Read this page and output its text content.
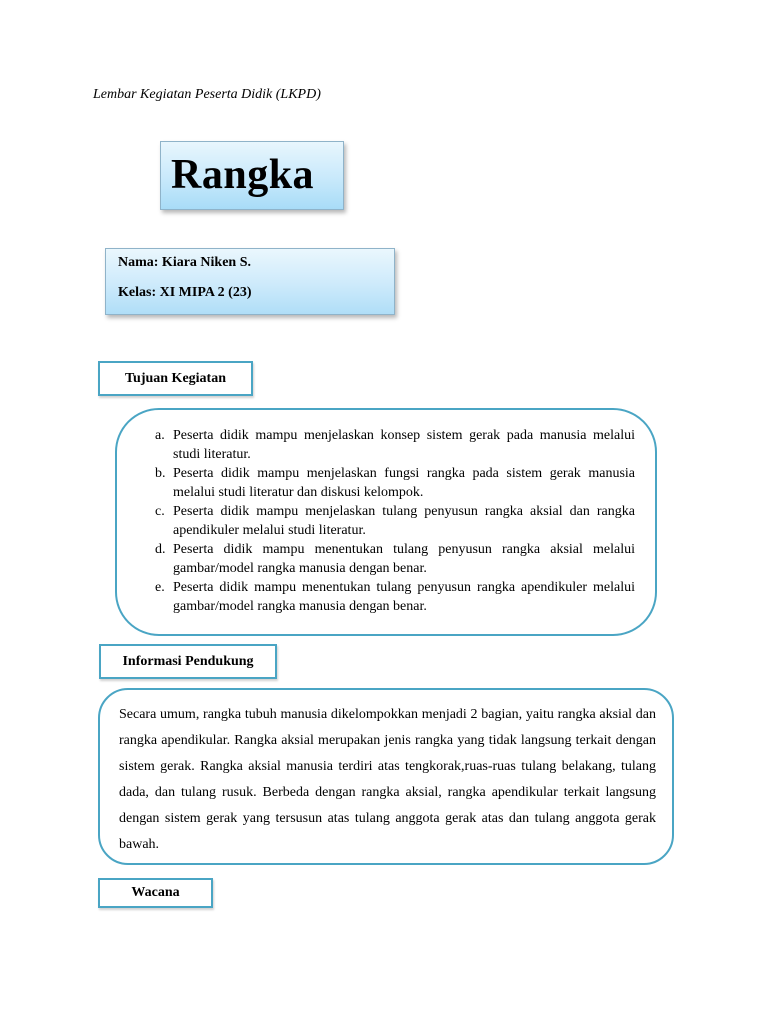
Lembar Kegiatan Peserta Didik (LKPD)
Rangka
Nama: Kiara Niken S.
Kelas: XI MIPA 2 (23)
Tujuan Kegiatan
a. Peserta didik mampu menjelaskan konsep sistem gerak pada manusia melalui studi literatur.
b. Peserta didik mampu menjelaskan fungsi rangka pada sistem gerak manusia melalui studi literatur dan diskusi kelompok.
c. Peserta didik mampu menjelaskan tulang penyusun rangka aksial dan rangka apendikuler melalui studi literatur.
d. Peserta didik mampu menentukan tulang penyusun rangka aksial melalui gambar/model rangka manusia dengan benar.
e. Peserta didik mampu menentukan tulang penyusun rangka apendikuler melalui gambar/model rangka manusia dengan benar.
Informasi Pendukung

Secara umum, rangka tubuh manusia dikelompokkan menjadi 2 bagian, yaitu rangka aksial dan rangka apendikular. Rangka aksial merupakan jenis rangka yang tidak langsung terkait dengan sistem gerak. Rangka aksial manusia terdiri atas tengkorak,ruas-ruas tulang belakang, tulang dada, dan tulang rusuk. Berbeda dengan rangka aksial, rangka apendikular terkait langsung dengan sistem gerak yang tersusun atas tulang anggota gerak atas dan tulang anggota gerak bawah.

Wacana
